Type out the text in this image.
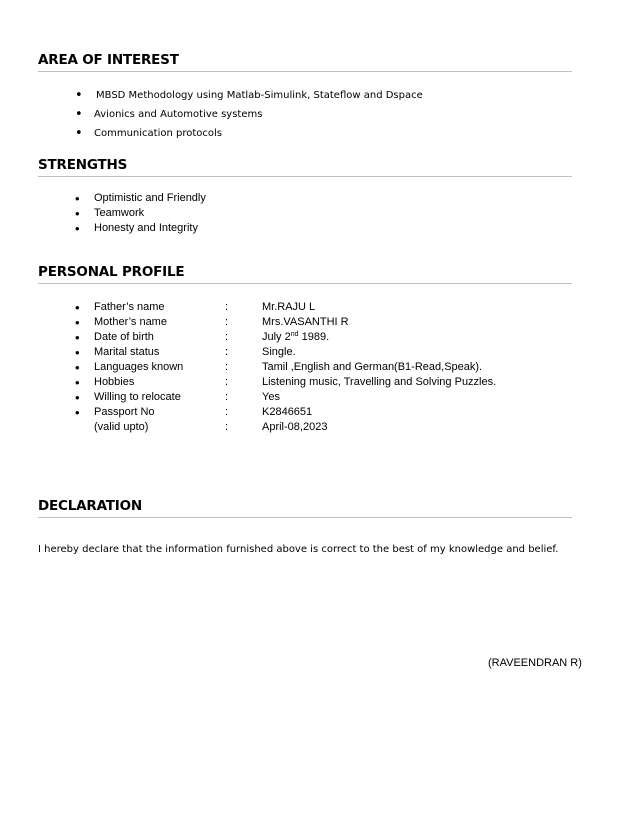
AREA OF INTEREST
• MBSD Methodology using Matlab-Simulink, Stateflow and Dspace
• Avionics and Automotive systems
• Communication protocols
STRENGTHS
• Optimistic and Friendly
• Teamwork
• Honesty and Integrity
PERSONAL PROFILE
• Father’s name	:	Mr.RAJU L
• Mother’s name	:	Mrs.VASANTHI R
• Date of birth	:	July 2nd 1989.
• Marital status	:	Single.
• Languages known	:	Tamil ,English and German(B1-Read,Speak).
• Hobbies	:	Listening music, Travelling and Solving Puzzles.
• Willing to relocate	:	Yes
• Passport No	:	K2846651
(valid upto)	:	April-08,2023
DECLARATION
I hereby declare that the information furnished above is correct to the best of my knowledge and belief.
(RAVEENDRAN R)
